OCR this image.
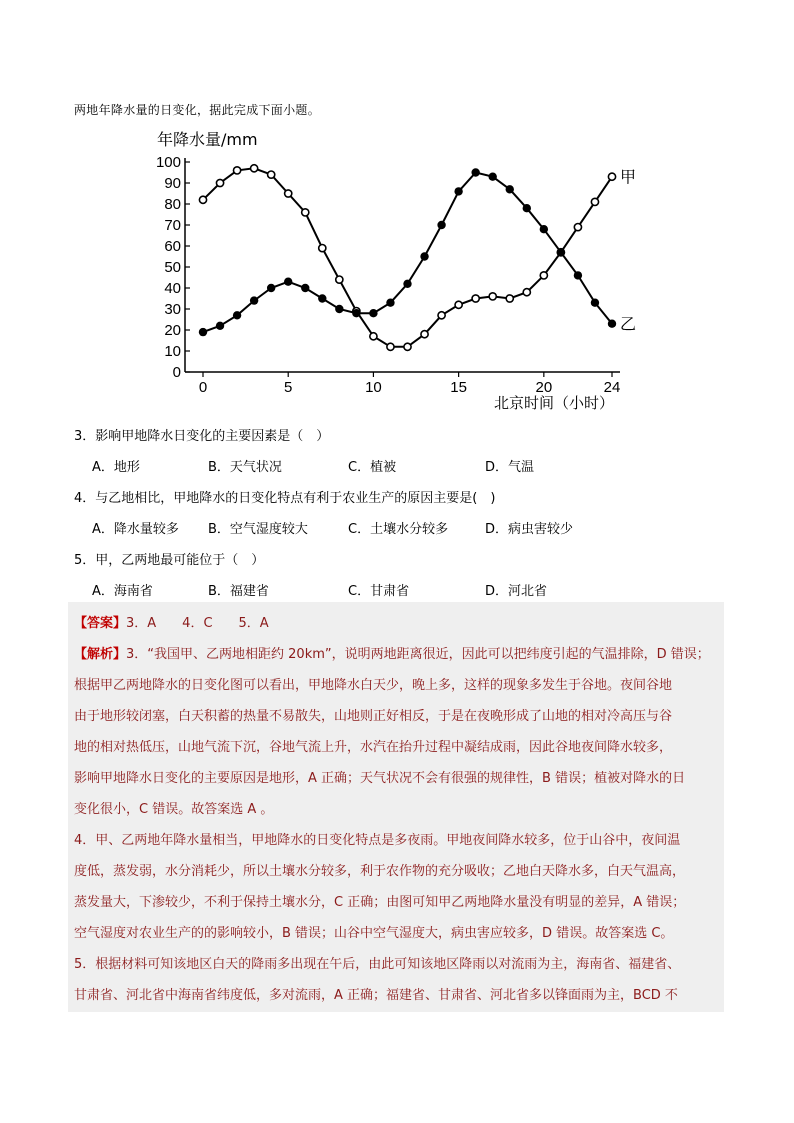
两地年降水量的日变化，据此完成下面小题。
0
10
20
30
40
50
60
70
80
90
100
0	5	10	15	20	24
年降水量/mm
北京时间（小时）
甲
乙
3．影响甲地降水日变化的主要因素是（　）
A．地形	B．天气状况	C．植被	D．气温
4．与乙地相比，甲地降水的日变化特点有利于农业生产的原因主要是(　)
A．降水量较多 B．空气湿度较大	C．土壤水分较多	D．病虫害较少
5．甲，乙两地最可能位于（　）
A．海南省	B．福建省	C．甘肃省	D．河北省
【答案】3．A　　4．C　　5．A
【解析】3．“我国甲、乙两地相距约 20km”，说明两地距离很近，因此可以把纬度引起的气温排除，D 错误；
根据甲乙两地降水的日变化图可以看出，甲地降水白天少，晚上多，这样的现象多发生于谷地。夜间谷地
由于地形较闭塞，白天积蓄的热量不易散失，山地则正好相反，于是在夜晚形成了山地的相对冷高压与谷
地的相对热低压，山地气流下沉，谷地气流上升，水汽在抬升过程中凝结成雨，因此谷地夜间降水较多，
影响甲地降水日变化的主要原因是地形，A 正确；天气状况不会有很强的规律性，B 错误；植被对降水的日
变化很小，C 错误。故答案选 A 。
4．甲、乙两地年降水量相当，甲地降水的日变化特点是多夜雨。甲地夜间降水较多，位于山谷中，夜间温
度低，蒸发弱，水分消耗少，所以土壤水分较多，利于农作物的充分吸收；乙地白天降水多，白天气温高，
蒸发量大，下渗较少，不利于保持土壤水分，C 正确；由图可知甲乙两地降水量没有明显的差异，A 错误；
空气湿度对农业生产的的影响较小，B 错误；山谷中空气湿度大，病虫害应较多，D 错误。故答案选 C。
5．根据材料可知该地区白天的降雨多出现在午后，由此可知该地区降雨以对流雨为主，海南省、福建省、
甘肃省、河北省中海南省纬度低，多对流雨，A 正确；福建省、甘肃省、河北省多以锋面雨为主，BCD 不
